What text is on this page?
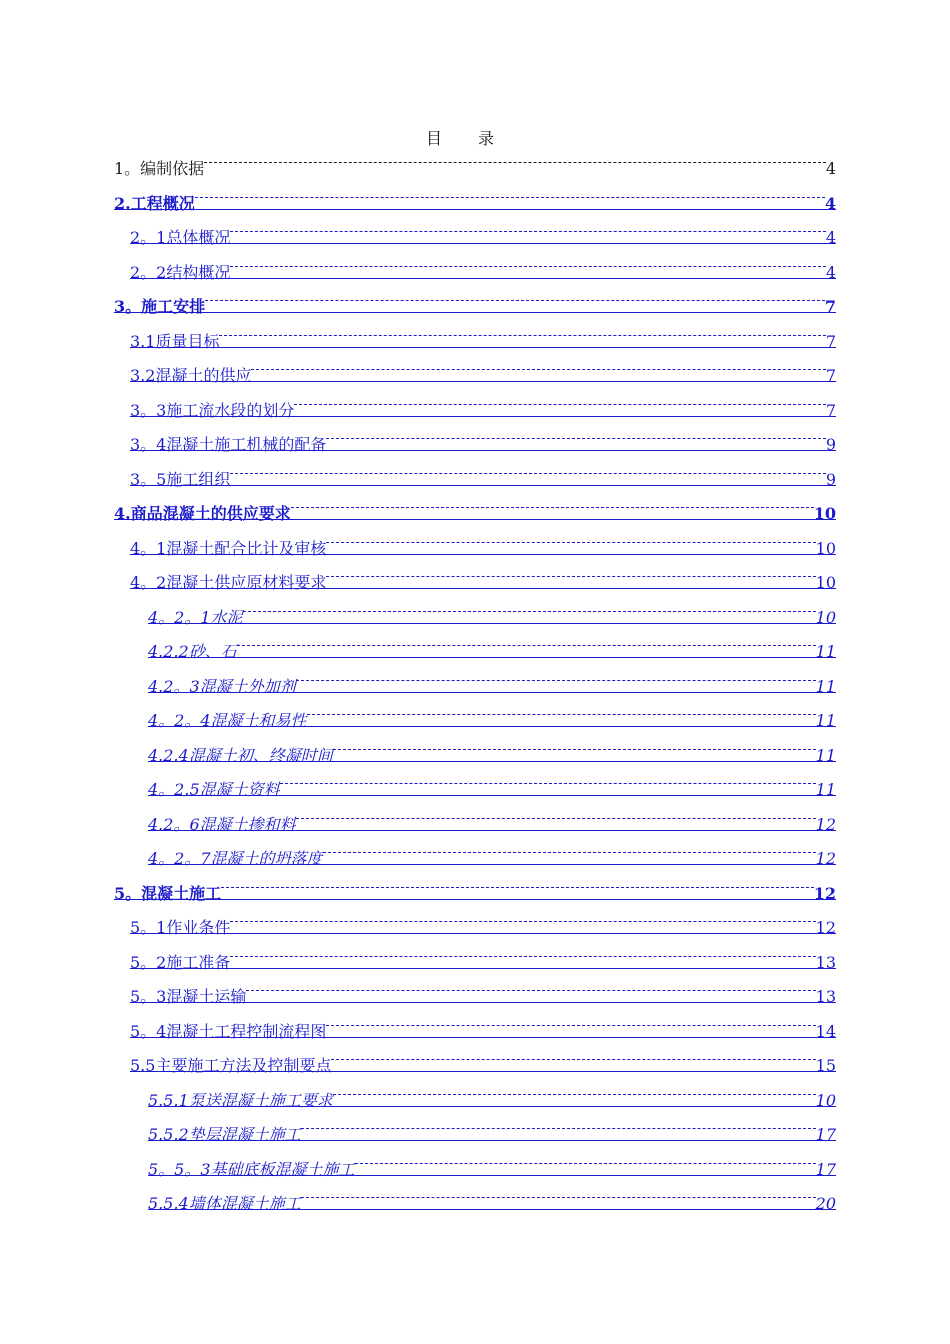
目 录
1。编制依据	4
2.工程概况	4
2。1总体概况	4
2。2结构概况	4
3。施工安排	7
3.1质量目标	7
3.2混凝土的供应	7
3。3施工流水段的划分	7
3。4混凝土施工机械的配备	9
3。5施工组织	9
4.商品混凝土的供应要求	10
4。1混凝土配合比计及审核	10
4。2混凝土供应原材料要求	10
4。2。1水泥	10
4.2.2砂、石	11
4.2。3混凝土外加剂	11
4。2。4混凝土和易性	11
4.2.4混凝土初、终凝时间	11
4。2.5混凝土资料	11
4.2。6混凝土掺和料	12
4。2。7混凝土的坍落度	12
5。混凝土施工	12
5。1作业条件	12
5。2施工准备	13
5。3混凝土运输	13
5。4混凝土工程控制流程图	14
5.5主要施工方法及控制要点	15
5.5.1泵送混凝土施工要求	10
5.5.2垫层混凝土施工	17
5。5。3基础底板混凝土施工	17
5.5.4墙体混凝土施工	20
